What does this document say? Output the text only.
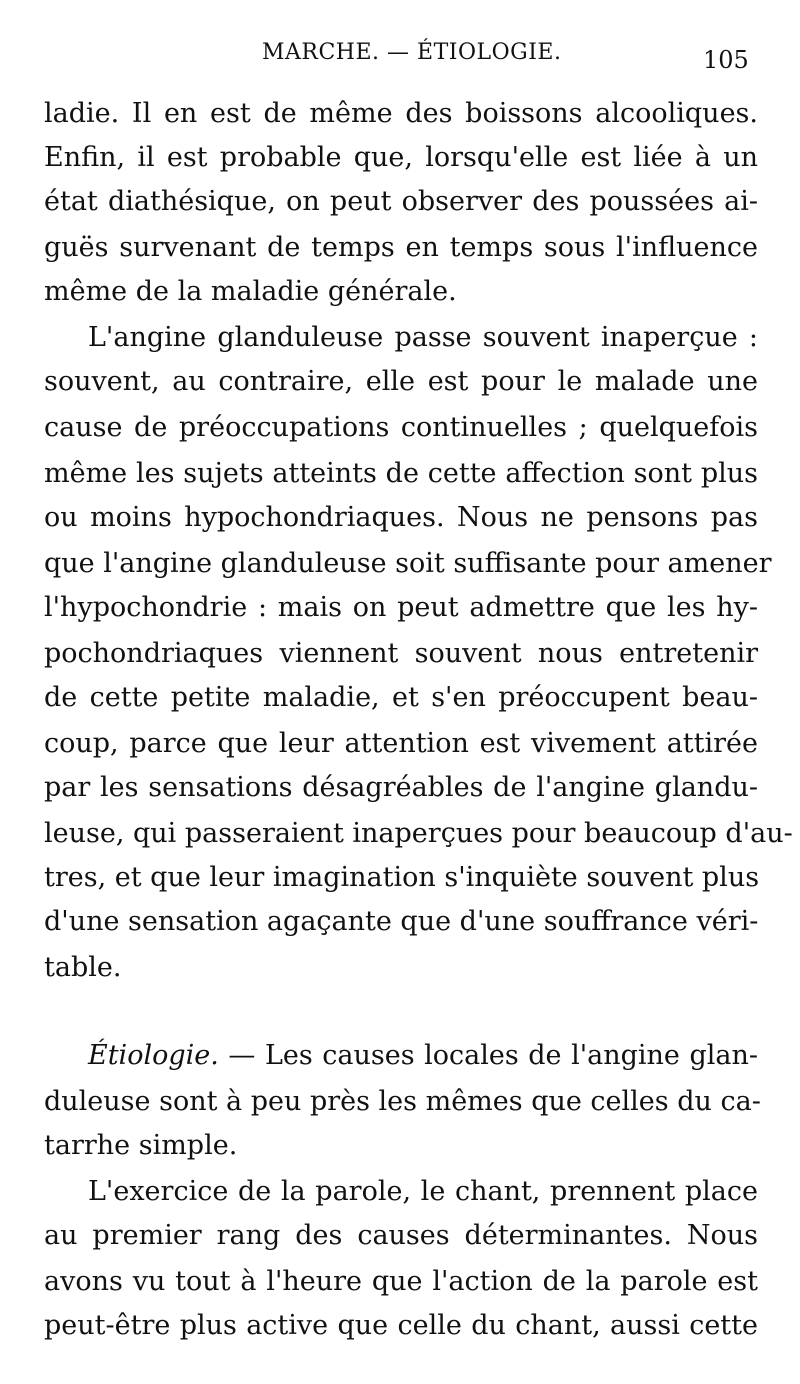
MARCHE. — ÉTIOLOGIE.	105
ladie. Il en est de même des boissons alcooliques.
Enfin, il est probable que, lorsqu'elle est liée à un
état diathésique, on peut observer des poussées ai-
guës survenant de temps en temps sous l'influence
même de la maladie générale.
L'angine glanduleuse passe souvent inaperçue :
souvent, au contraire, elle est pour le malade une
cause de préoccupations continuelles ; quelquefois
même les sujets atteints de cette affection sont plus
ou moins hypochondriaques. Nous ne pensons pas
que l'angine glanduleuse soit suffisante pour amener
l'hypochondrie : mais on peut admettre que les hy-
pochondriaques viennent souvent nous entretenir
de cette petite maladie, et s'en préoccupent beau-
coup, parce que leur attention est vivement attirée
par les sensations désagréables de l'angine glandu-
leuse, qui passeraient inaperçues pour beaucoup d'au-
tres, et que leur imagination s'inquiète souvent plus
d'une sensation agaçante que d'une souffrance véri-
table.
Étiologie. — Les causes locales de l'angine glan-
duleuse sont à peu près les mêmes que celles du ca-
tarrhe simple.
L'exercice de la parole, le chant, prennent place
au premier rang des causes déterminantes. Nous
avons vu tout à l'heure que l'action de la parole est
peut-être plus active que celle du chant, aussi cette
